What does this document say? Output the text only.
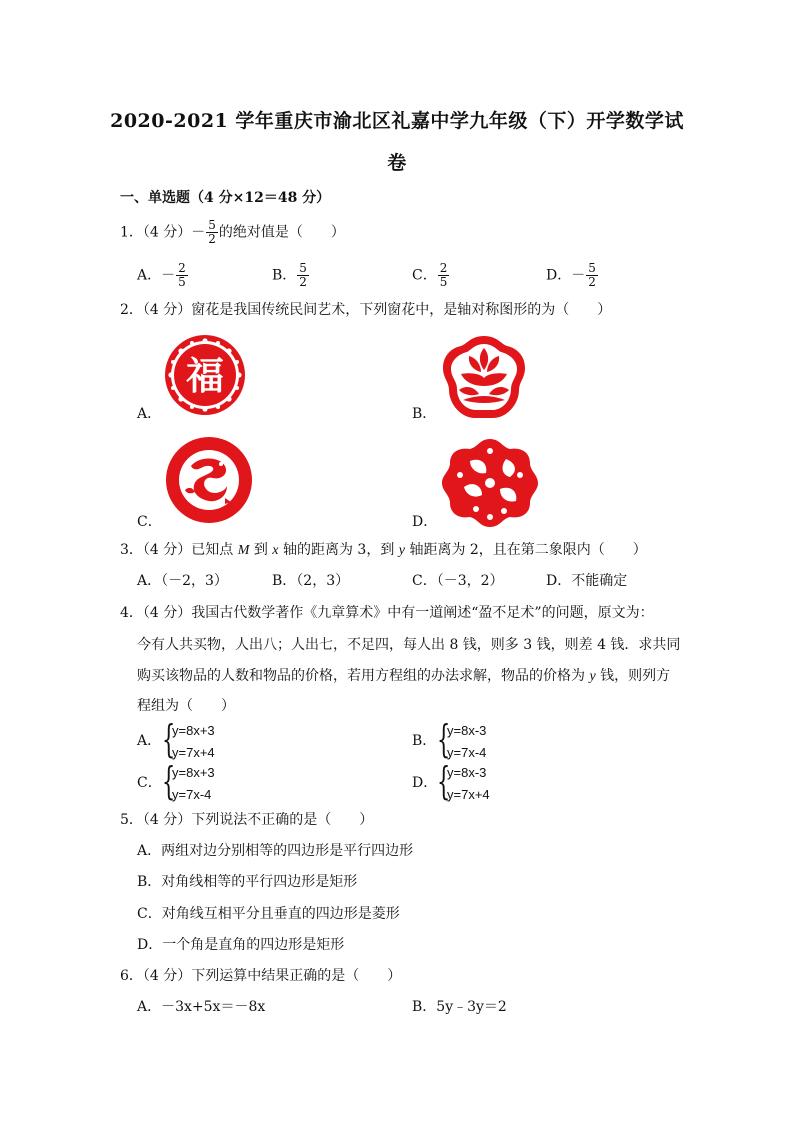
2020-2021 学年重庆市渝北区礼嘉中学九年级（下）开学数学试
卷
一、单选题（4 分×12＝48 分）
1．（4 分）－ $\frac{5}{2}$ 的绝对值是（　　）
A．－ $\frac{2}{5}$	B． $\frac{5}{2}$	C． $\frac{2}{5}$	D．－ $\frac{5}{2}$
2．（4 分）窗花是我国传统民间艺术，下列窗花中，是轴对称图形的为（　　）
福
A．	B．
C．	D．
3．（4 分）已知点 M 到 x 轴的距离为 3，到 y 轴距离为 2，且在第二象限内（　　）
A．（－2，3）	B．（2，3）	C．（－3，2）	D．不能确定
4．（4 分）我国古代数学著作《九章算术》中有一道阐述“盈不足术”的问题，原文为：
今有人共买物，人出八；人出七，不足四，每人出 8 钱，则多 3 钱，则差 4 钱．求共同
购买该物品的人数和物品的价格，若用方程组的办法求解，物品的价格为 y 钱，则列方
程组为（　　）
A． {
y=8x+3
y=7x+4
B． {
y=8x-3
y=7x-4
C． {
y=8x+3
y=7x-4
D． {
y=8x-3
y=7x+4
5．（4 分）下列说法不正确的是（　　）
A．两组对边分别相等的四边形是平行四边形
B．对角线相等的平行四边形是矩形
C．对角线互相平分且垂直的四边形是菱形
D．一个角是直角的四边形是矩形
6．（4 分）下列运算中结果正确的是（　　）
A．－3x+5x＝－8x	B．5y﹣3y＝2
